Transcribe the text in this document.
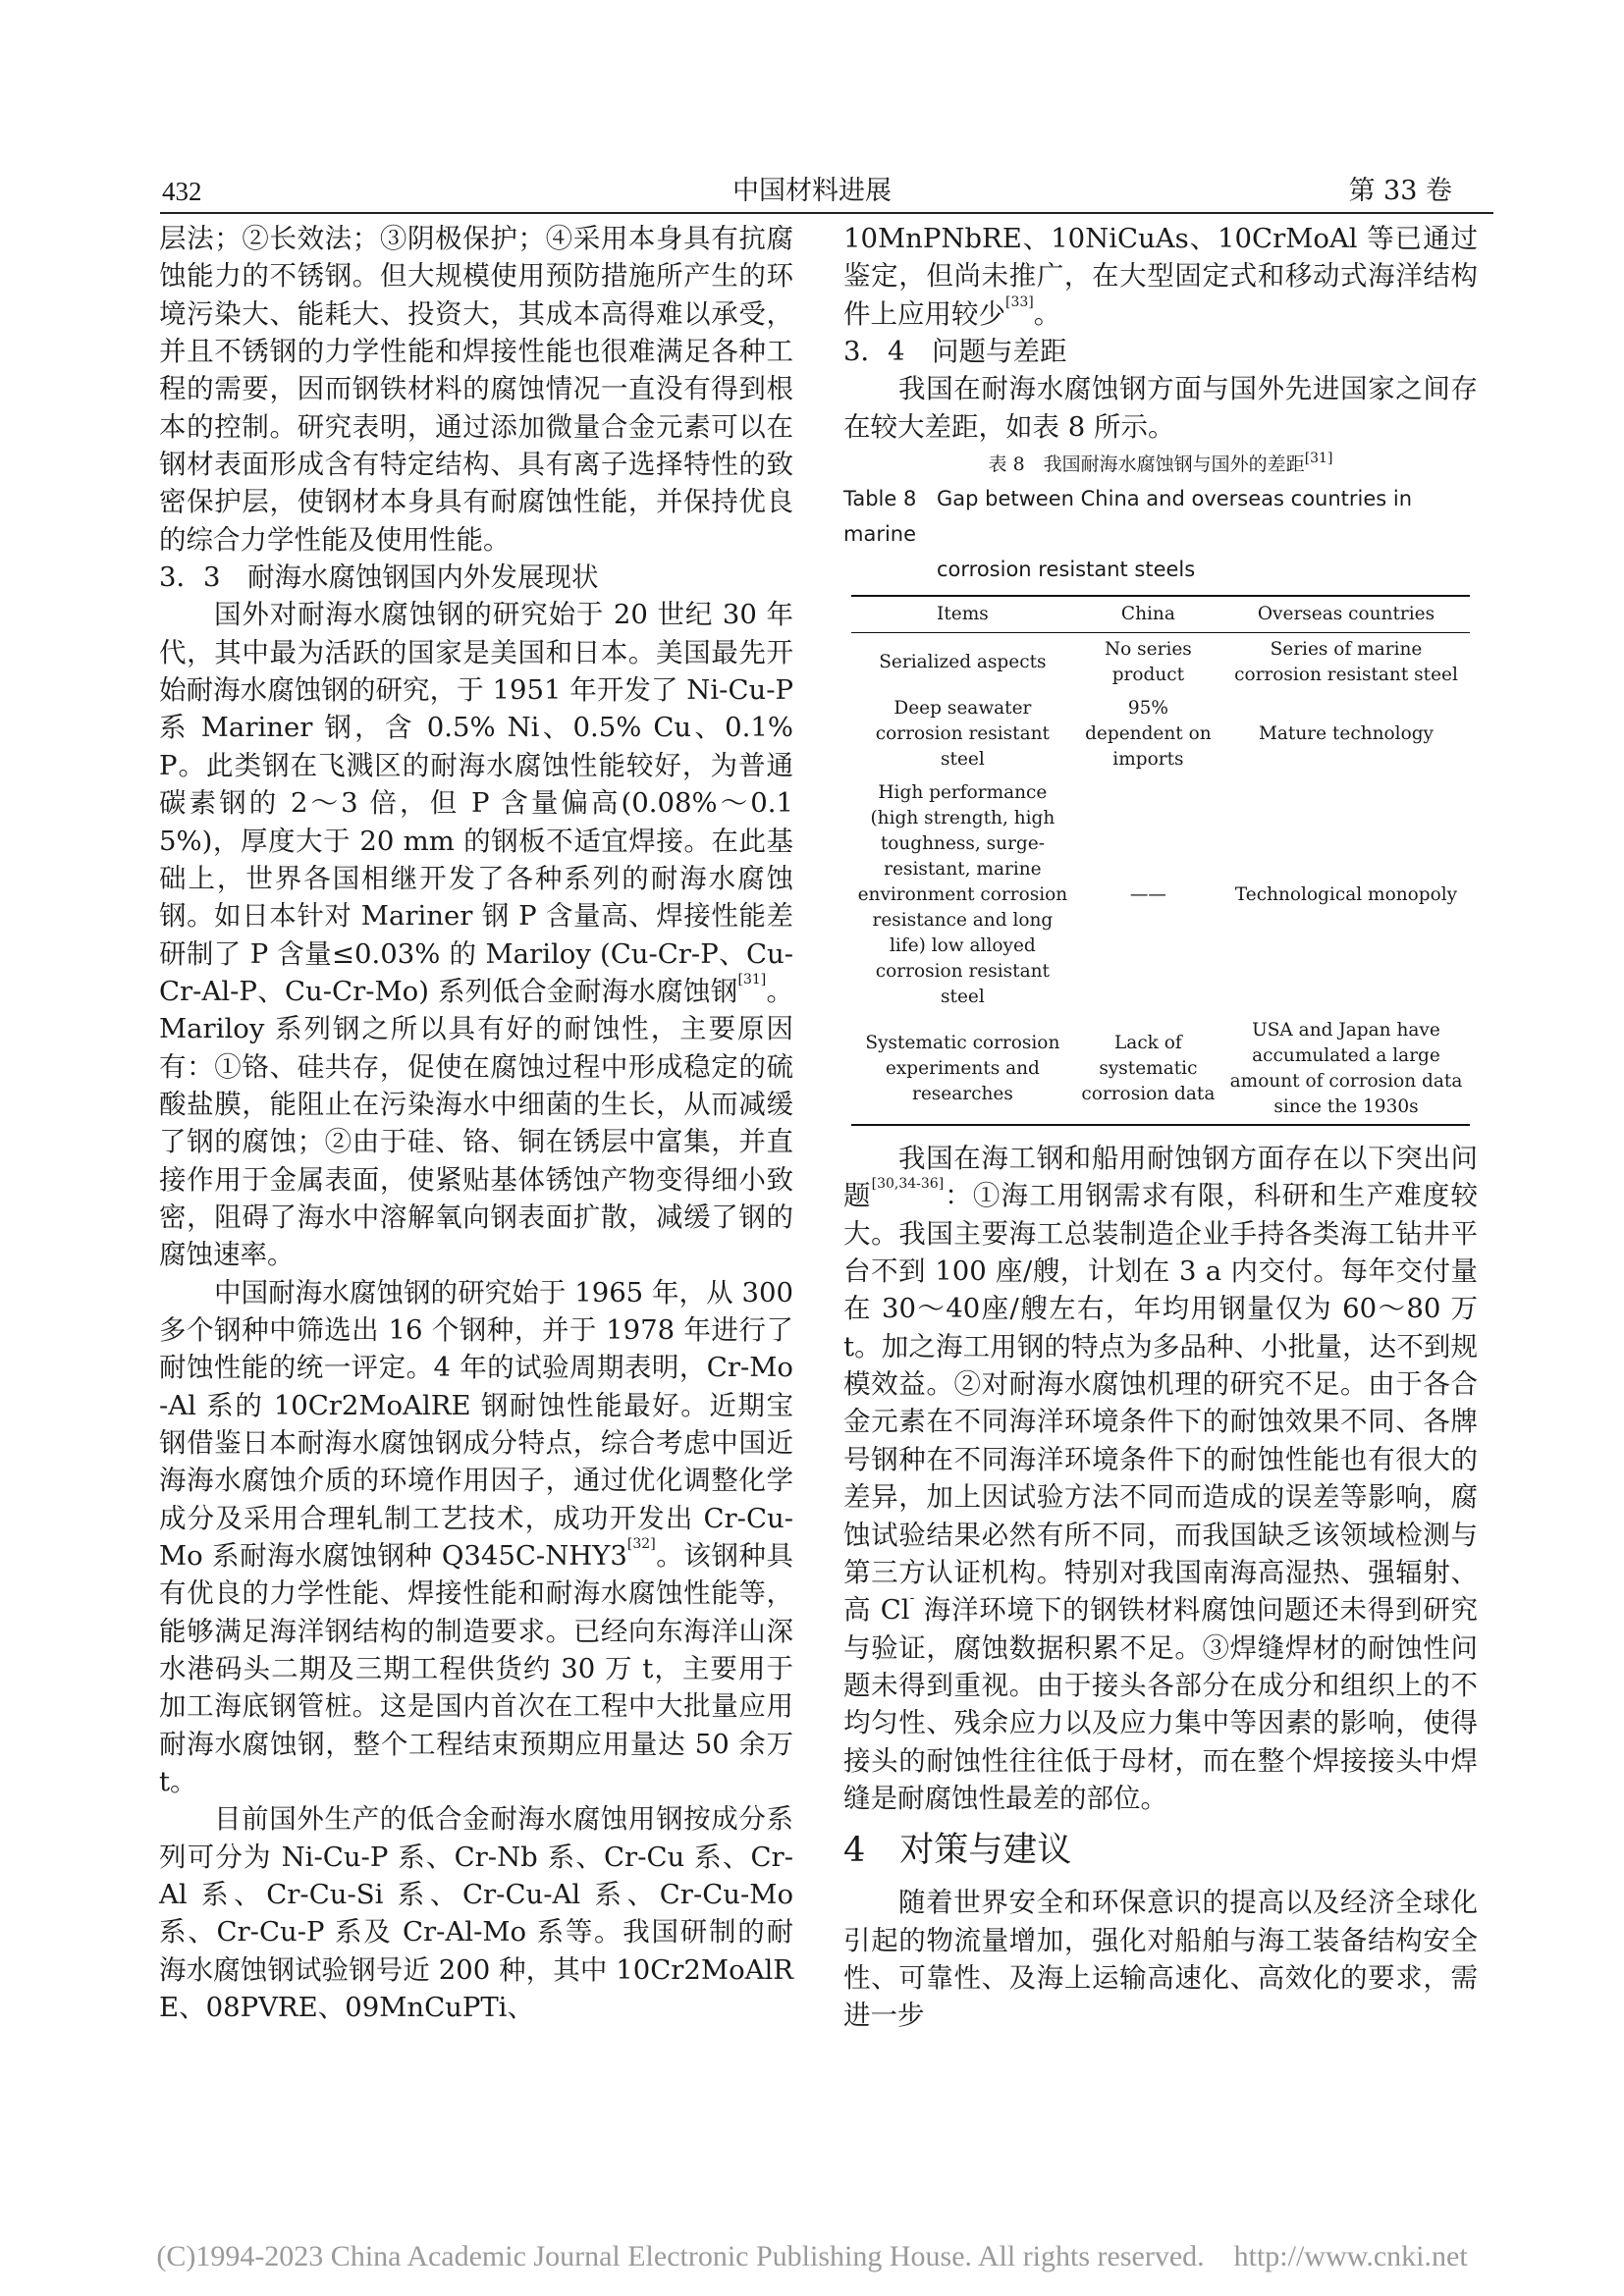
432	中国材料进展	第 33 卷

层法；②长效法；③阴极保护；④采用本身具有抗腐蚀能力的不锈钢。但大规模使用预防措施所产生的环境污染大、能耗大、投资大，其成本高得难以承受，并且不锈钢的力学性能和焊接性能也很难满足各种工程的需要，因而钢铁材料的腐蚀情况一直没有得到根本的控制。研究表明，通过添加微量合金元素可以在钢材表面形成含有特定结构、具有离子选择特性的致密保护层，使钢材本身具有耐腐蚀性能，并保持优良的综合力学性能及使用性能。

3．3　耐海水腐蚀钢国内外发展现状

国外对耐海水腐蚀钢的研究始于 20 世纪 30 年代，其中最为活跃的国家是美国和日本。美国最先开始耐海水腐蚀钢的研究，于 1951 年开发了 Ni-Cu-P 系 Mariner 钢，含 0.5% Ni、0.5% Cu、0.1% P。此类钢在飞溅区的耐海水腐蚀性能较好，为普通碳素钢的 2～3 倍，但 P 含量偏高(0.08%～0.15%)，厚度大于 20 mm 的钢板不适宜焊接。在此基础上，世界各国相继开发了各种系列的耐海水腐蚀钢。如日本针对 Mariner 钢 P 含量高、焊接性能差研制了 P 含量≤0.03% 的 Mariloy (Cu-Cr-P、Cu-Cr-Al-P、Cu-Cr-Mo) 系列低合金耐海水腐蚀钢[31]。Mariloy 系列钢之所以具有好的耐蚀性，主要原因有：①铬、硅共存，促使在腐蚀过程中形成稳定的硫酸盐膜，能阻止在污染海水中细菌的生长，从而减缓了钢的腐蚀；②由于硅、铬、铜在锈层中富集，并直接作用于金属表面，使紧贴基体锈蚀产物变得细小致密，阻碍了海水中溶解氧向钢表面扩散，减缓了钢的腐蚀速率。

中国耐海水腐蚀钢的研究始于 1965 年，从 300 多个钢种中筛选出 16 个钢种，并于 1978 年进行了耐蚀性能的统一评定。4 年的试验周期表明，Cr-Mo-Al 系的 10Cr2MoAlRE 钢耐蚀性能最好。近期宝钢借鉴日本耐海水腐蚀钢成分特点，综合考虑中国近海海水腐蚀介质的环境作用因子，通过优化调整化学成分及采用合理轧制工艺技术，成功开发出 Cr-Cu-Mo 系耐海水腐蚀钢种 Q345C-NHY3[32]。该钢种具有优良的力学性能、焊接性能和耐海水腐蚀性能等，能够满足海洋钢结构的制造要求。已经向东海洋山深水港码头二期及三期工程供货约 30 万 t，主要用于加工海底钢管桩。这是国内首次在工程中大批量应用耐海水腐蚀钢，整个工程结束预期应用量达 50 余万 t。

目前国外生产的低合金耐海水腐蚀用钢按成分系列可分为 Ni-Cu-P 系、Cr-Nb 系、Cr-Cu 系、Cr-Al 系、Cr-Cu-Si 系、Cr-Cu-Al 系、Cr-Cu-Mo 系、Cr-Cu-P 系及 Cr-Al-Mo 系等。我国研制的耐海水腐蚀钢试验钢号近 200 种，其中 10Cr2MoAlRE、08PVRE、09MnCuPTi、

10MnPNbRE、10NiCuAs、10CrMoAl 等已通过鉴定，但尚未推广，在大型固定式和移动式海洋结构件上应用较少[33]。

3．4　问题与差距

我国在耐海水腐蚀钢方面与国外先进国家之间存在较大差距，如表 8 所示。

表 8　我国耐海水腐蚀钢与国外的差距[31]
Table 8 Gap between China and overseas countries in marine
corrosion resistant steels
Items	China	Overseas countries
Serialized aspects	No series product	Series of marine corrosion resistant steel
Deep seawater corrosion resistant steel	95% dependent on imports	Mature technology
High performance (high strength, high toughness, surge-resistant, marine environment corrosion resistance and long life) low alloyed corrosion resistant steel	——	Technological monopoly
Systematic corrosion experiments and researches	Lack of systematic corrosion data	USA and Japan have accumulated a large amount of corrosion data since the 1930s

我国在海工钢和船用耐蚀钢方面存在以下突出问题[30,34-36]：①海工用钢需求有限，科研和生产难度较大。我国主要海工总装制造企业手持各类海工钻井平台不到 100 座/艘，计划在 3 a 内交付。每年交付量在 30～40座/艘左右，年均用钢量仅为 60～80 万 t。加之海工用钢的特点为多品种、小批量，达不到规模效益。②对耐海水腐蚀机理的研究不足。由于各合金元素在不同海洋环境条件下的耐蚀效果不同、各牌号钢种在不同海洋环境条件下的耐蚀性能也有很大的差异，加上因试验方法不同而造成的误差等影响，腐蚀试验结果必然有所不同，而我国缺乏该领域检测与第三方认证机构。特别对我国南海高湿热、强辐射、高 Cl- 海洋环境下的钢铁材料腐蚀问题还未得到研究与验证，腐蚀数据积累不足。③焊缝焊材的耐蚀性问题未得到重视。由于接头各部分在成分和组织上的不均匀性、残余应力以及应力集中等因素的影响，使得接头的耐蚀性往往低于母材，而在整个焊接接头中焊缝是耐腐蚀性最差的部位。

4　对策与建议

随着世界安全和环保意识的提高以及经济全球化引起的物流量增加，强化对船舶与海工装备结构安全性、可靠性、及海上运输高速化、高效化的要求，需进一步

(C)1994-2023 China Academic Journal Electronic Publishing House. All rights reserved.　http://www.cnki.net
